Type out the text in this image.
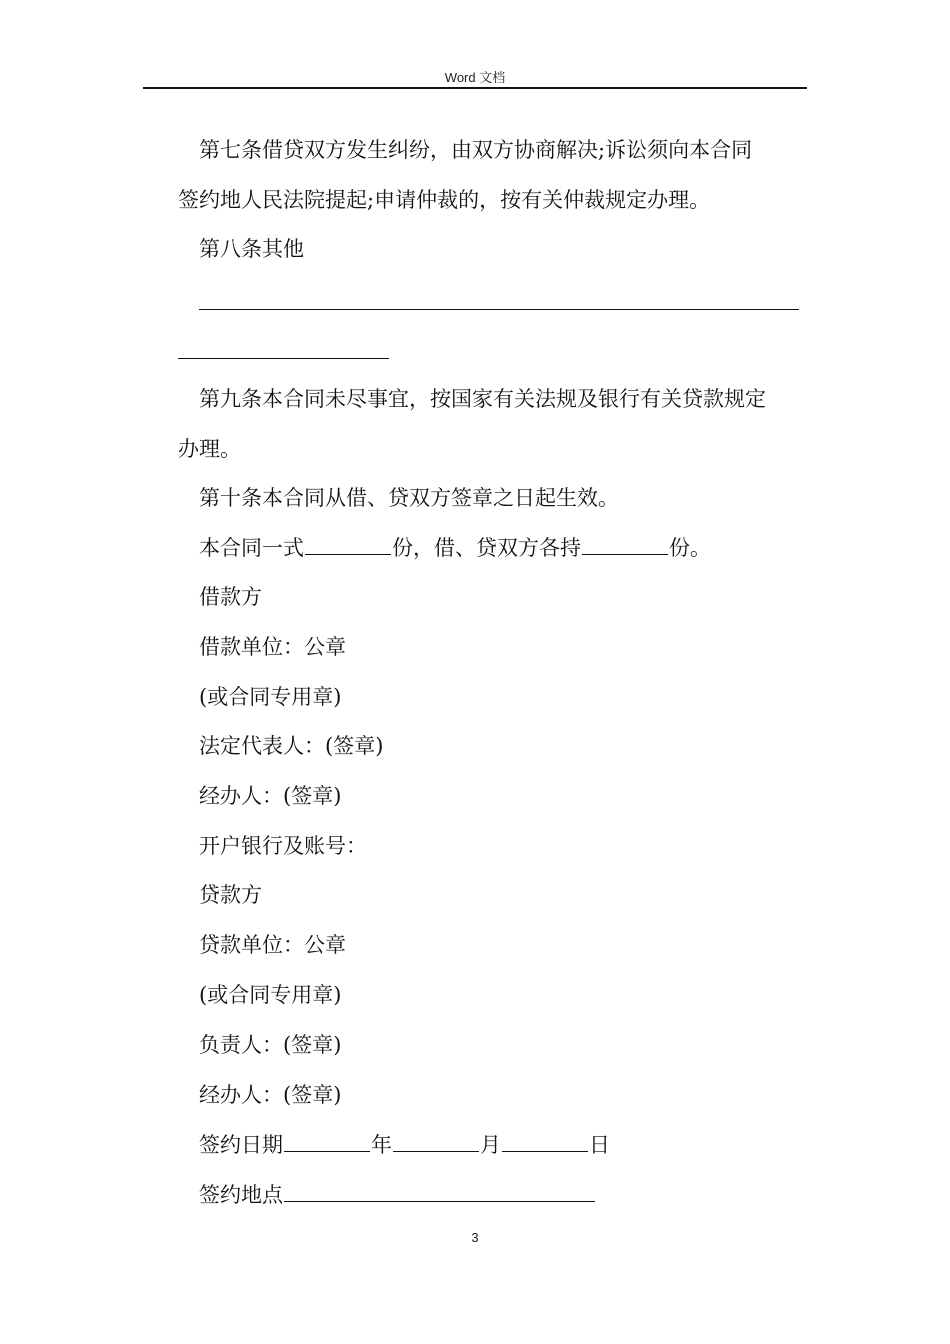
Word 文档
第七条借贷双方发生纠纷，由双方协商解决;诉讼须向本合同
签约地人民法院提起;申请仲裁的，按有关仲裁规定办理。
第八条其他
第九条本合同未尽事宜，按国家有关法规及银行有关贷款规定
办理。
第十条本合同从借、贷双方签章之日起生效。
本合同一式	份，借、贷双方各持	份。
借款方
借款单位：公章
(或合同专用章)
法定代表人：(签章)
经办人：(签章)
开户银行及账号：
贷款方
贷款单位：公章
(或合同专用章)
负责人：(签章)
经办人：(签章)
签约日期	年	月	日
签约地点
3
